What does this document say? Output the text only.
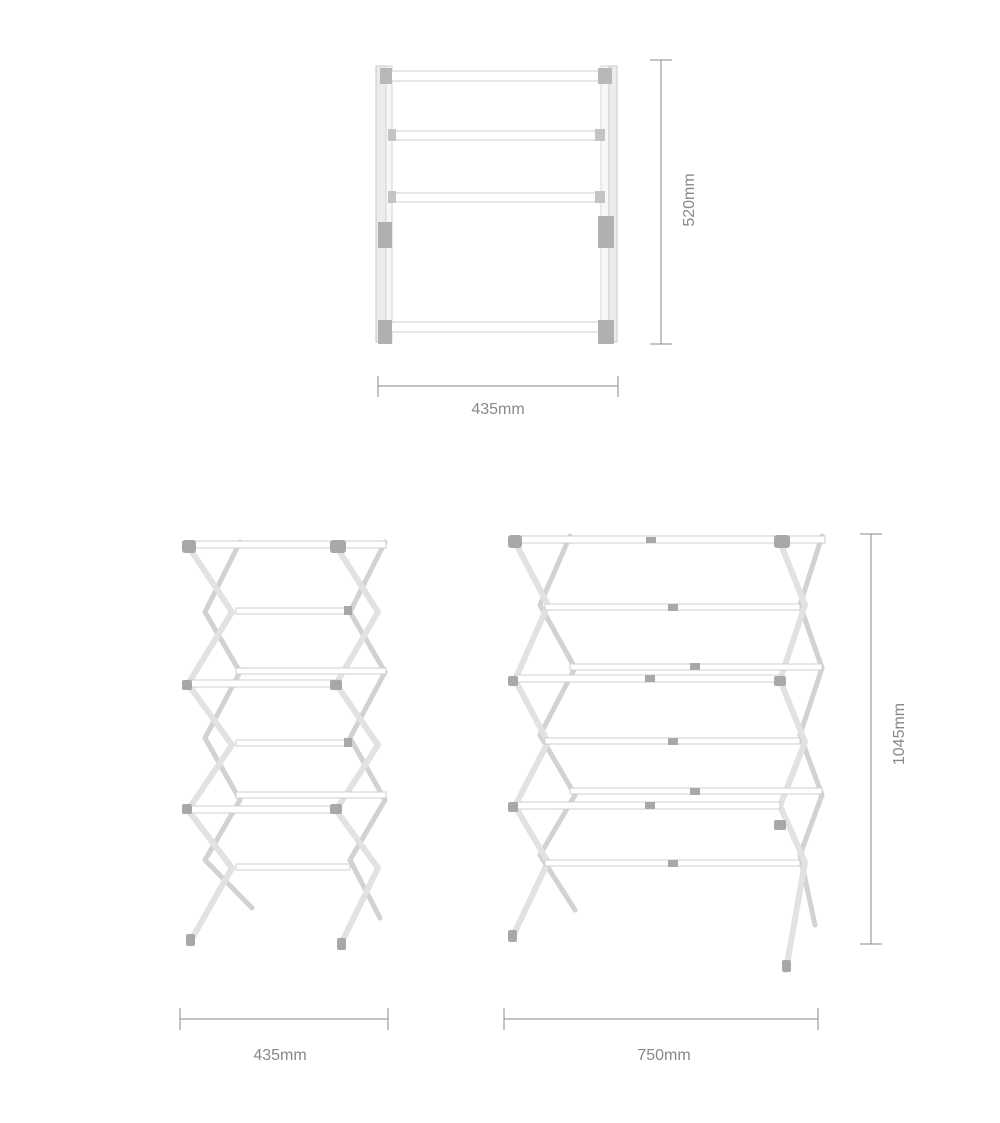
435mm
520mm
435mm	750mm
1045mm
